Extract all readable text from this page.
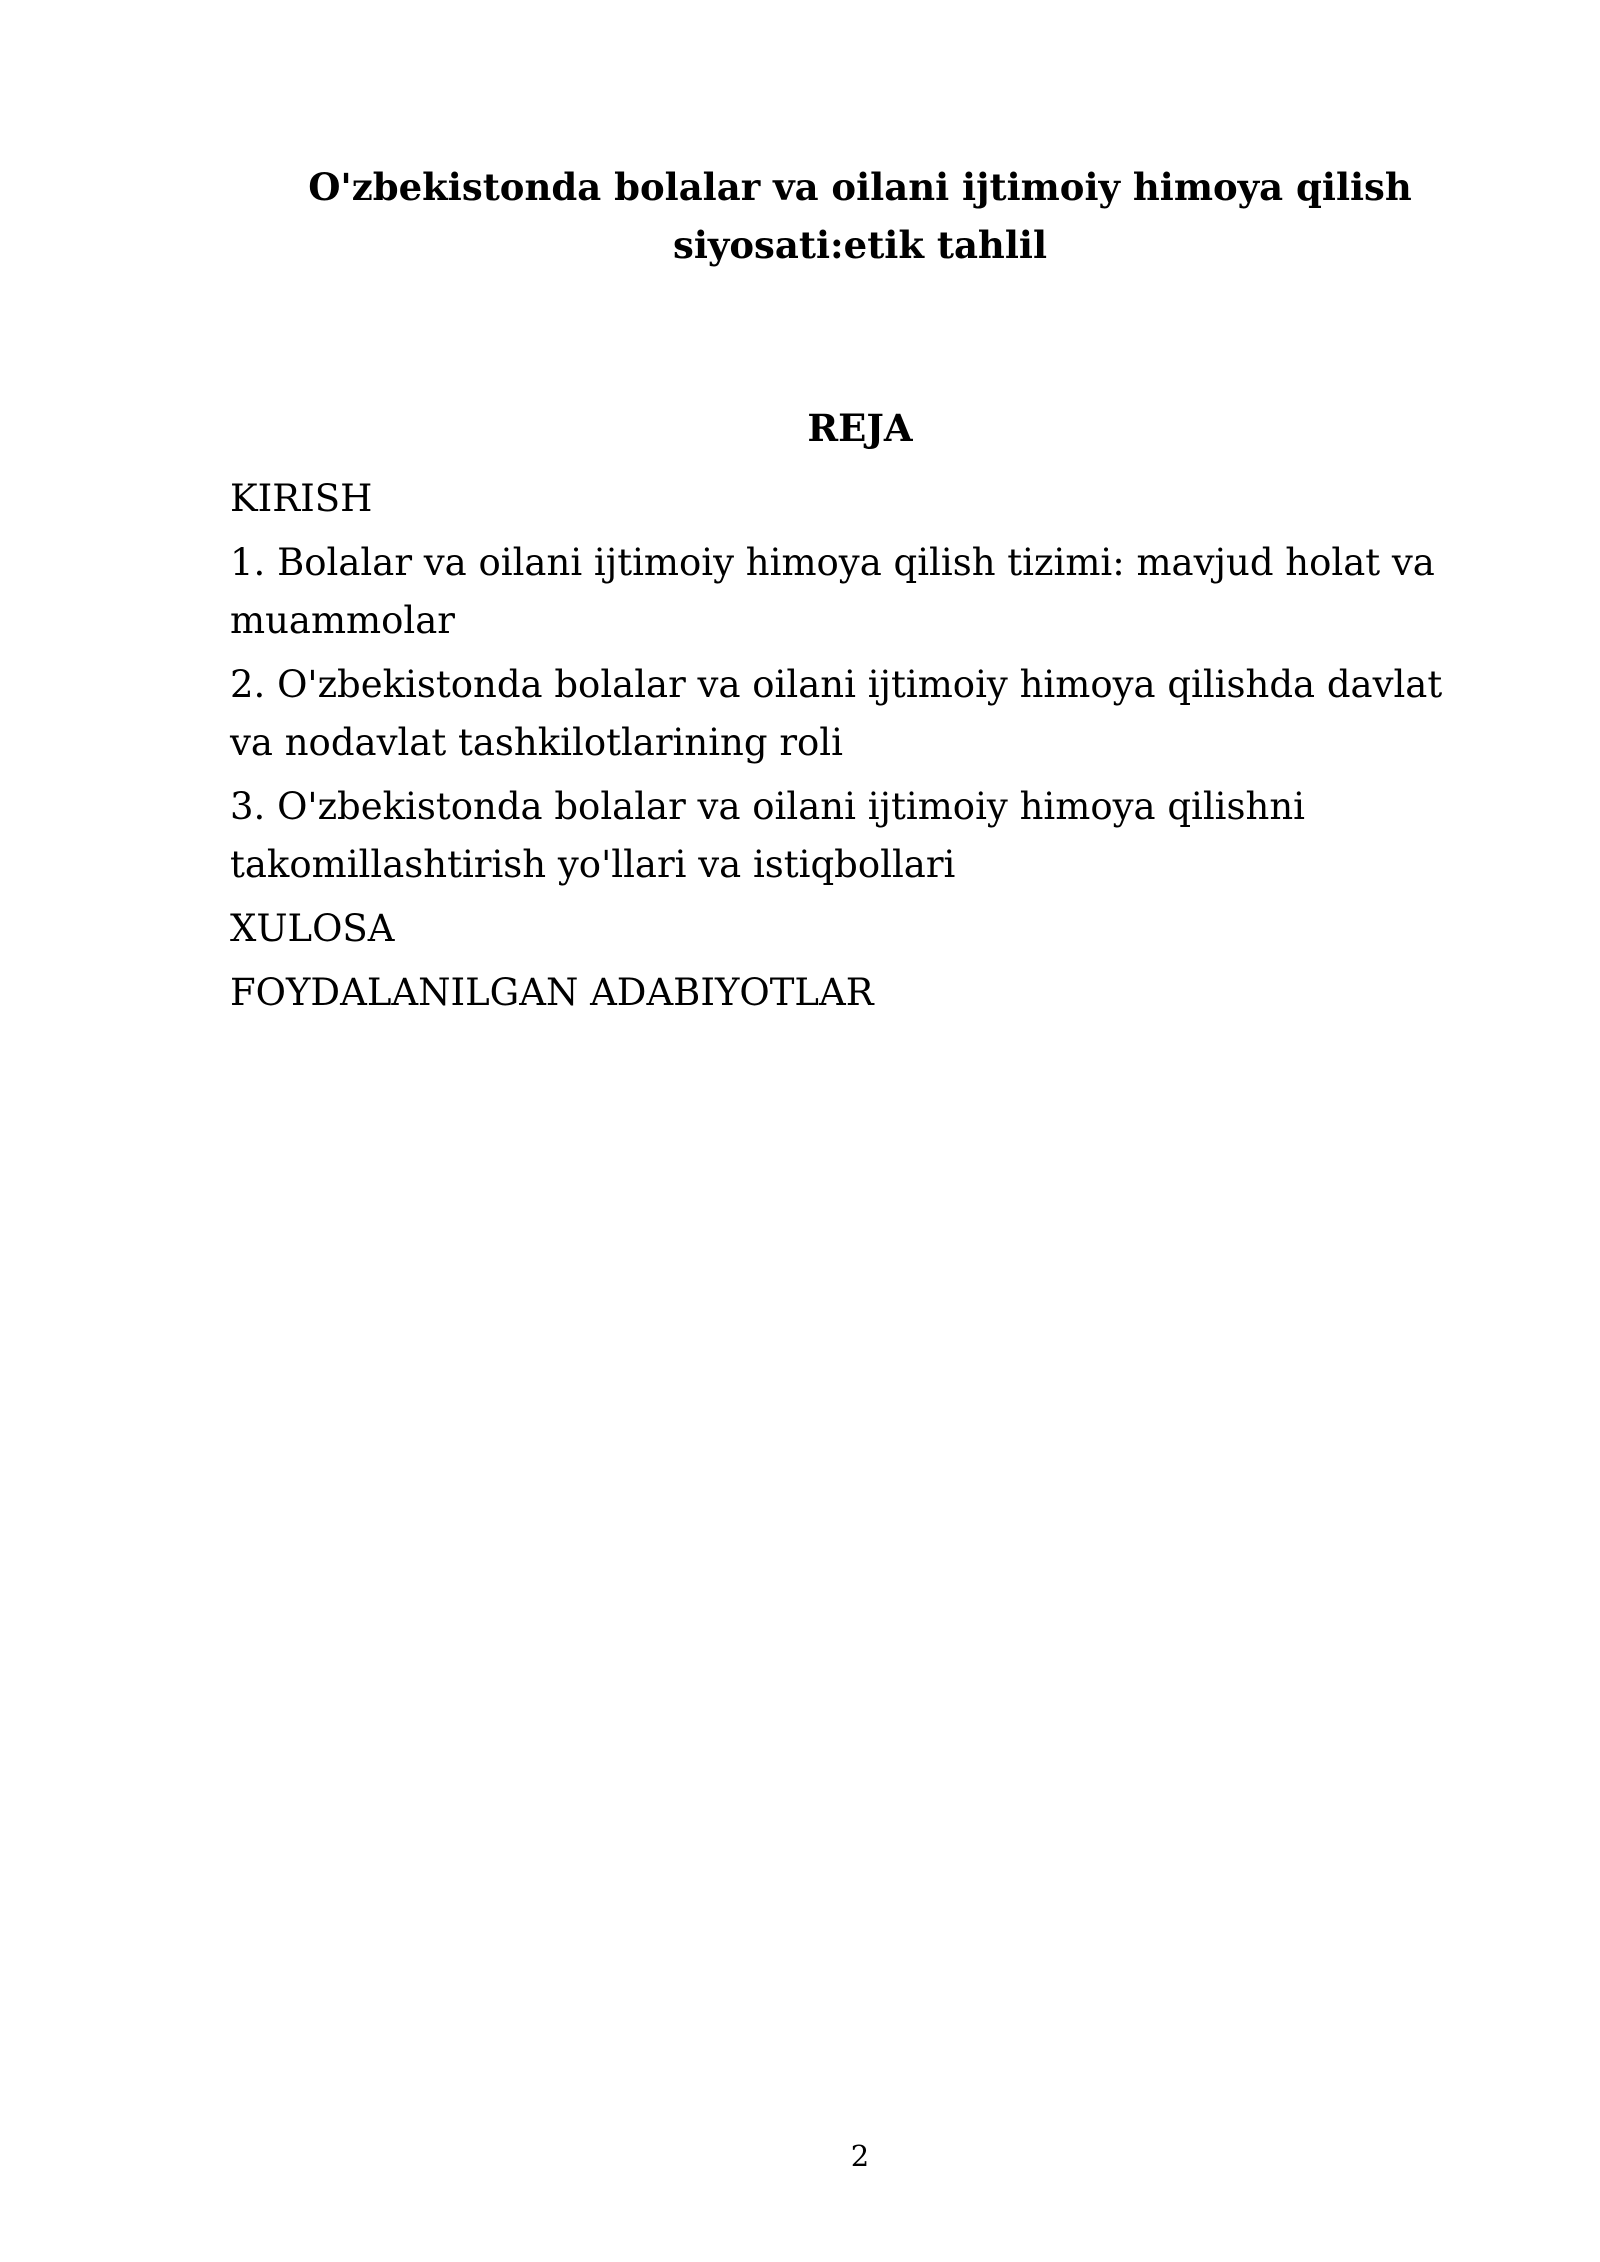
O'zbekistonda bolalar va oilani ijtimoiy himoya qilish
siyosati:etik tahlil
REJA
KIRISH
1. Bolalar va oilani ijtimoiy himoya qilish tizimi: mavjud holat va
muammolar
2. O'zbekistonda bolalar va oilani ijtimoiy himoya qilishda davlat
va nodavlat tashkilotlarining roli
3. O'zbekistonda bolalar va oilani ijtimoiy himoya qilishni
takomillashtirish yo'llari va istiqbollari
XULOSA
FOYDALANILGAN ADABIYOTLAR
2
